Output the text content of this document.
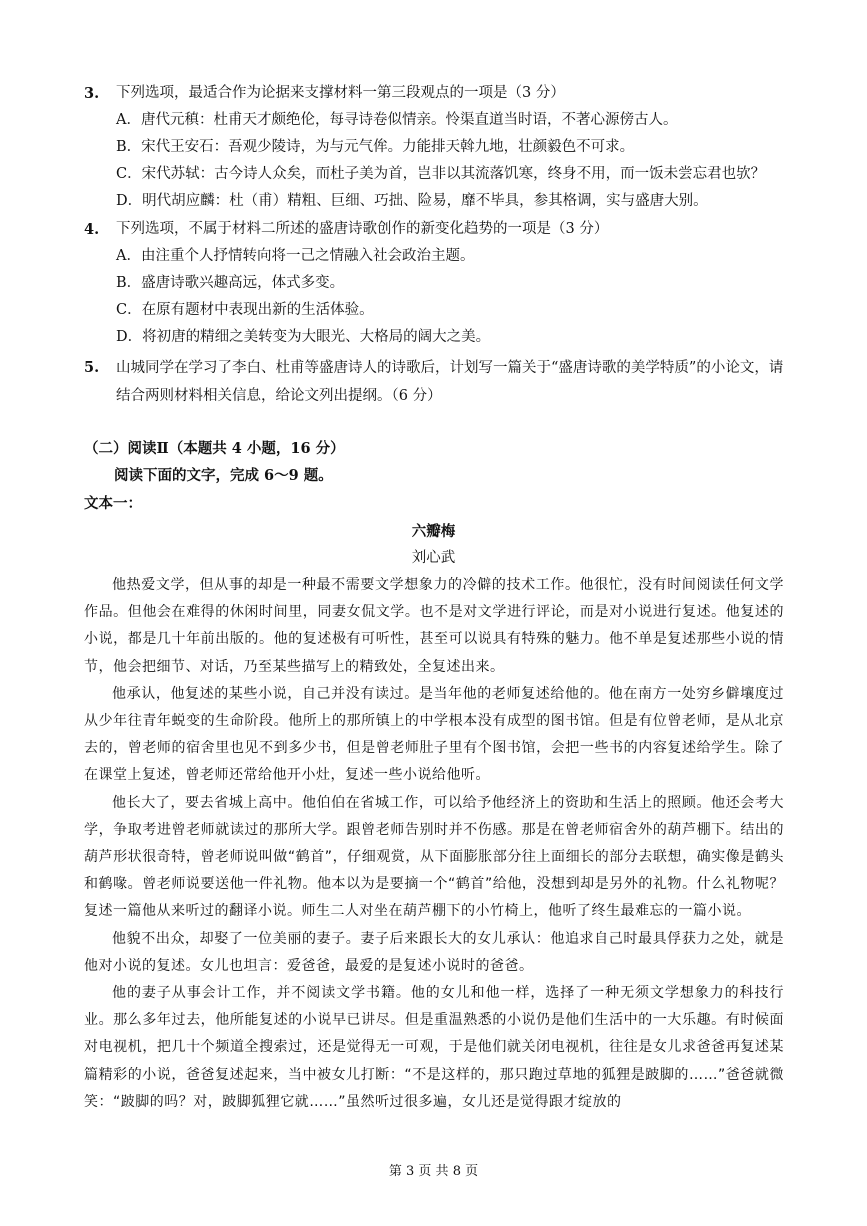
3. 下列选项，最适合作为论据来支撑材料一第三段观点的一项是（3 分）
A．唐代元稹：杜甫天才颇绝伦，每寻诗卷似情亲。怜渠直道当时语，不著心源傍古人。
B．宋代王安石：吾观少陵诗，为与元气侔。力能排天斡九地，壮颜毅色不可求。
C．宋代苏轼：古今诗人众矣，而杜子美为首，岂非以其流落饥寒，终身不用，而一饭未尝忘君也欤？
D．明代胡应麟：杜（甫）精粗、巨细、巧拙、险易，靡不毕具，参其格调，实与盛唐大别。
4. 下列选项，不属于材料二所述的盛唐诗歌创作的新变化趋势的一项是（3 分）
A．由注重个人抒情转向将一己之情融入社会政治主题。
B．盛唐诗歌兴趣高远，体式多变。
C．在原有题材中表现出新的生活体验。
D．将初唐的精细之美转变为大眼光、大格局的阔大之美。
5. 山城同学在学习了李白、杜甫等盛唐诗人的诗歌后，计划写一篇关于“盛唐诗歌的美学特质”的小论文，请结合两则材料相关信息，给论文列出提纲。（6 分）
（二）阅读Ⅱ（本题共 4 小题，16 分）
阅读下面的文字，完成 6～9 题。
文本一：
六瓣梅
刘心武

他热爱文学，但从事的却是一种最不需要文学想象力的冷僻的技术工作。他很忙，没有时间阅读任何文学作品。但他会在难得的休闲时间里，同妻女侃文学。也不是对文学进行评论，而是对小说进行复述。他复述的小说，都是几十年前出版的。他的复述极有可听性，甚至可以说具有特殊的魅力。他不单是复述那些小说的情节，他会把细节、对话，乃至某些描写上的精致处，全复述出来。

他承认，他复述的某些小说，自己并没有读过。是当年他的老师复述给他的。他在南方一处穷乡僻壤度过从少年往青年蜕变的生命阶段。他所上的那所镇上的中学根本没有成型的图书馆。但是有位曾老师，是从北京去的，曾老师的宿舍里也见不到多少书，但是曾老师肚子里有个图书馆，会把一些书的内容复述给学生。除了在课堂上复述，曾老师还常给他开小灶，复述一些小说给他听。

他长大了，要去省城上高中。他伯伯在省城工作，可以给予他经济上的资助和生活上的照顾。他还会考大学，争取考进曾老师就读过的那所大学。跟曾老师告别时并不伤感。那是在曾老师宿舍外的葫芦棚下。结出的葫芦形状很奇特，曾老师说叫做“鹤首”，仔细观赏，从下面膨胀部分往上面细长的部分去联想，确实像是鹤头和鹤喙。曾老师说要送他一件礼物。他本以为是要摘一个“鹤首”给他，没想到却是另外的礼物。什么礼物呢？复述一篇他从来听过的翻译小说。师生二人对坐在葫芦棚下的小竹椅上，他听了终生最难忘的一篇小说。

他貌不出众，却娶了一位美丽的妻子。妻子后来跟长大的女儿承认：他追求自己时最具俘获力之处，就是他对小说的复述。女儿也坦言：爱爸爸，最爱的是复述小说时的爸爸。

他的妻子从事会计工作，并不阅读文学书籍。他的女儿和他一样，选择了一种无须文学想象力的科技行业。那么多年过去，他所能复述的小说早已讲尽。但是重温熟悉的小说仍是他们生活中的一大乐趣。有时候面对电视机，把几十个频道全搜索过，还是觉得无一可观，于是他们就关闭电视机，往往是女儿求爸爸再复述某篇精彩的小说，爸爸复述起来，当中被女儿打断：“不是这样的，那只跑过草地的狐狸是跛脚的……”爸爸就微笑：“跛脚的吗？对，跛脚狐狸它就……”虽然听过很多遍，女儿还是觉得跟才绽放的

第 3 页 共 8 页
